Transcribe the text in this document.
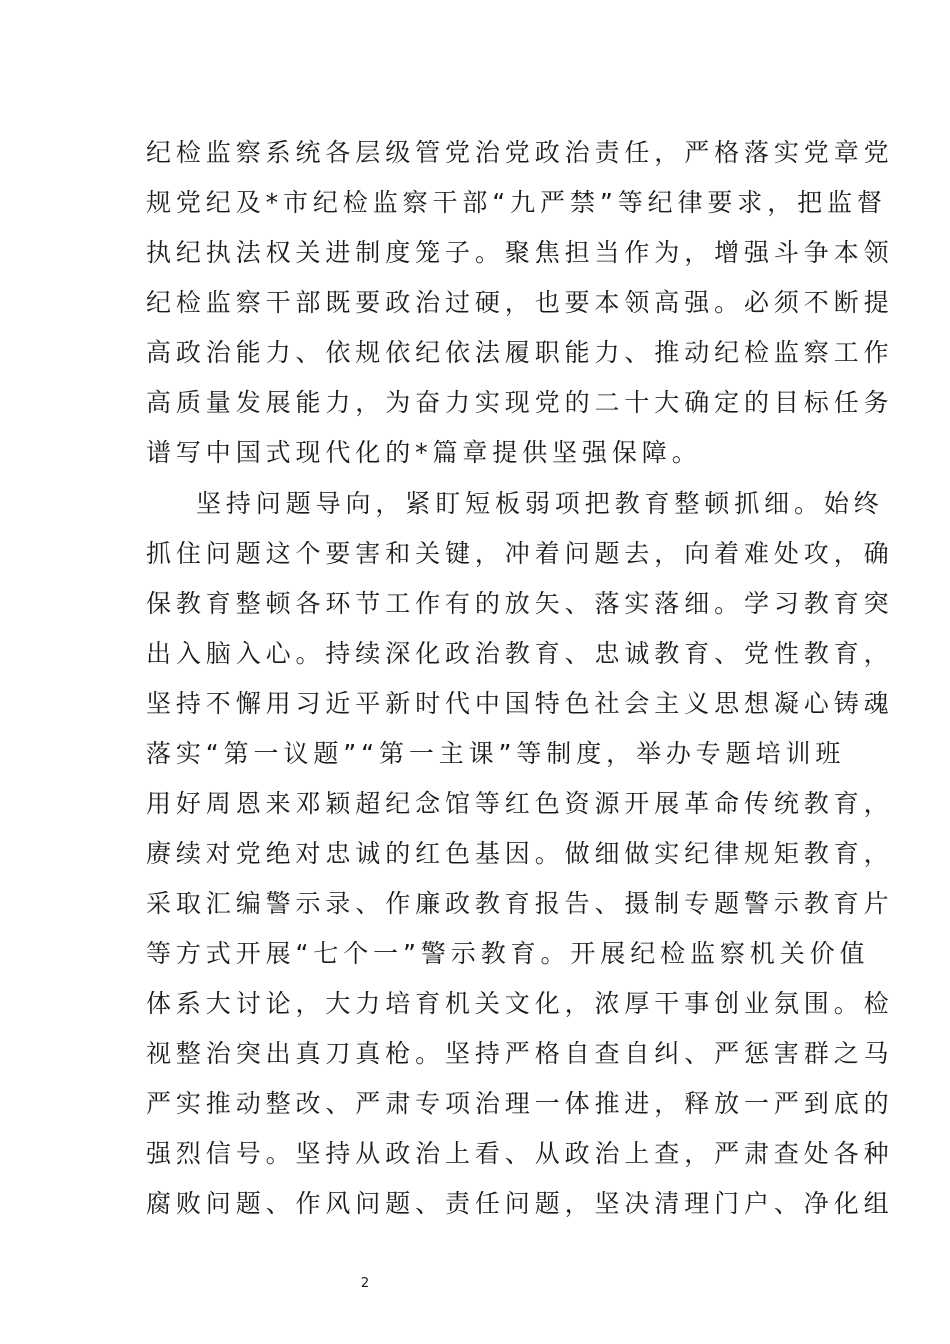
纪检监察系统各层级管党治党政治责任，严格落实党章党
规党纪及*市纪检监察干部“九严禁”等纪律要求，把监督
执纪执法权关进制度笼子。聚焦担当作为，增强斗争本领
纪检监察干部既要政治过硬，也要本领高强。必须不断提
高政治能力、依规依纪依法履职能力、推动纪检监察工作
高质量发展能力，为奋力实现党的二十大确定的目标任务
谱写中国式现代化的*篇章提供坚强保障。
坚持问题导向，紧盯短板弱项把教育整顿抓细。始终
抓住问题这个要害和关键，冲着问题去，向着难处攻，确
保教育整顿各环节工作有的放矢、落实落细。学习教育突
出入脑入心。持续深化政治教育、忠诚教育、党性教育，
坚持不懈用习近平新时代中国特色社会主义思想凝心铸魂
落实“第一议题”“第一主课”等制度，举办专题培训班
用好周恩来邓颖超纪念馆等红色资源开展革命传统教育，
赓续对党绝对忠诚的红色基因。做细做实纪律规矩教育，
采取汇编警示录、作廉政教育报告、摄制专题警示教育片
等方式开展“七个一”警示教育。开展纪检监察机关价值
体系大讨论，大力培育机关文化，浓厚干事创业氛围。检
视整治突出真刀真枪。坚持严格自查自纠、严惩害群之马
严实推动整改、严肃专项治理一体推进，释放一严到底的
强烈信号。坚持从政治上看、从政治上查，严肃查处各种
腐败问题、作风问题、责任问题，坚决清理门户、净化组
2
